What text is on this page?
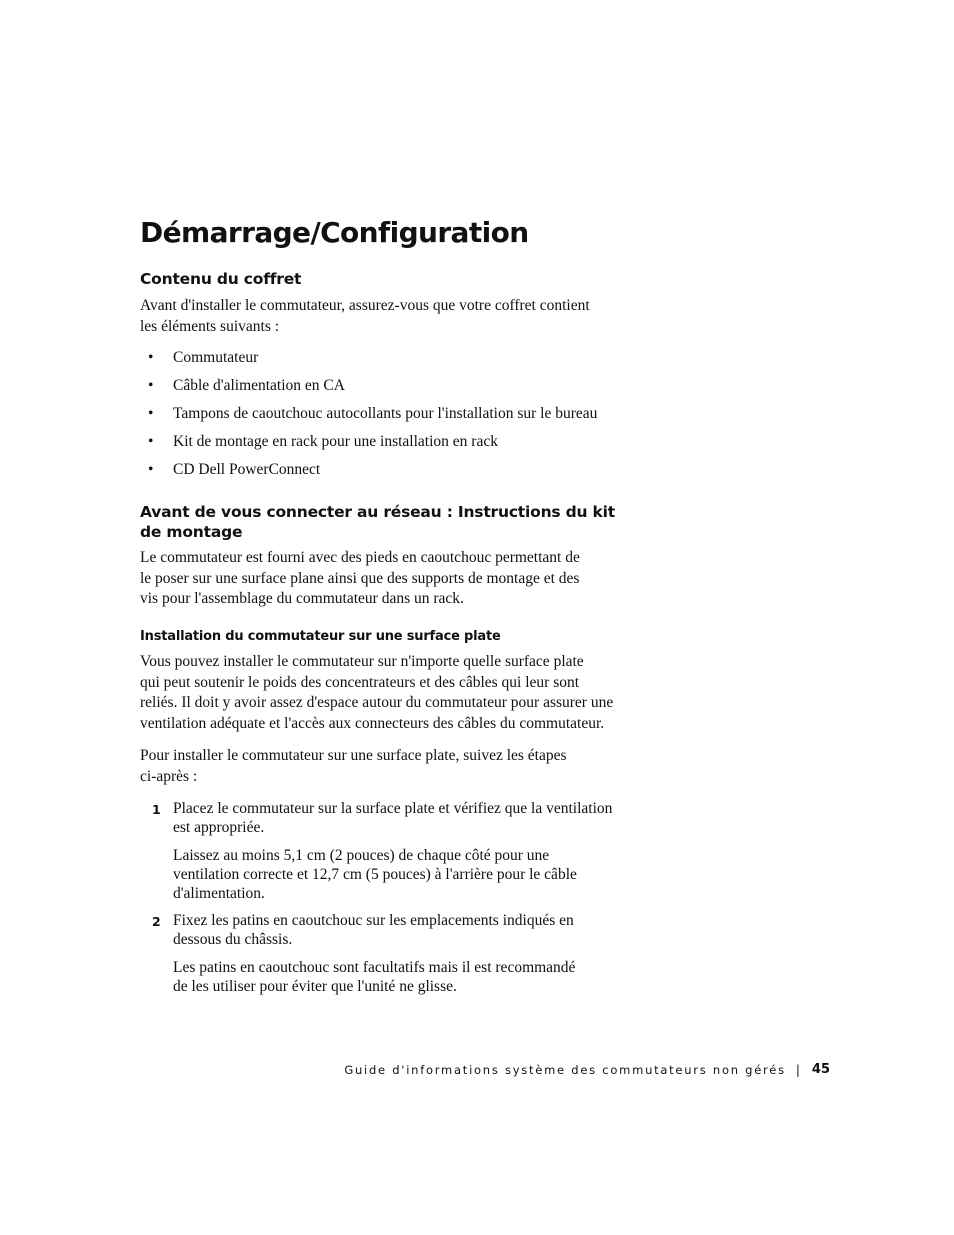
Démarrage/Configuration
Contenu du coffret

Avant d'installer le commutateur, assurez-vous que votre coffret contient
les éléments suivants :

• Commutateur
• Câble d'alimentation en CA
• Tampons de caoutchouc autocollants pour l'installation sur le bureau
• Kit de montage en rack pour une installation en rack
• CD Dell PowerConnect
Avant de vous connecter au réseau : Instructions du kit
de montage

Le commutateur est fourni avec des pieds en caoutchouc permettant de
le poser sur une surface plane ainsi que des supports de montage et des
vis pour l'assemblage du commutateur dans un rack.

Installation du commutateur sur une surface plate

Vous pouvez installer le commutateur sur n'importe quelle surface plate
qui peut soutenir le poids des concentrateurs et des câbles qui leur sont
reliés. Il doit y avoir assez d'espace autour du commutateur pour assurer une
ventilation adéquate et l'accès aux connecteurs des câbles du commutateur.

Pour installer le commutateur sur une surface plate, suivez les étapes
ci-après :

1 Placez le commutateur sur la surface plate et vérifiez que la ventilation
est appropriée.

Laissez au moins 5,1 cm (2 pouces) de chaque côté pour une
ventilation correcte et 12,7 cm (5 pouces) à l'arrière pour le câble
d'alimentation.

2 Fixez les patins en caoutchouc sur les emplacements indiqués en
dessous du châssis.

Les patins en caoutchouc sont facultatifs mais il est recommandé
de les utiliser pour éviter que l'unité ne glisse.

Guide d'informations système des commutateurs non gérés | 45
